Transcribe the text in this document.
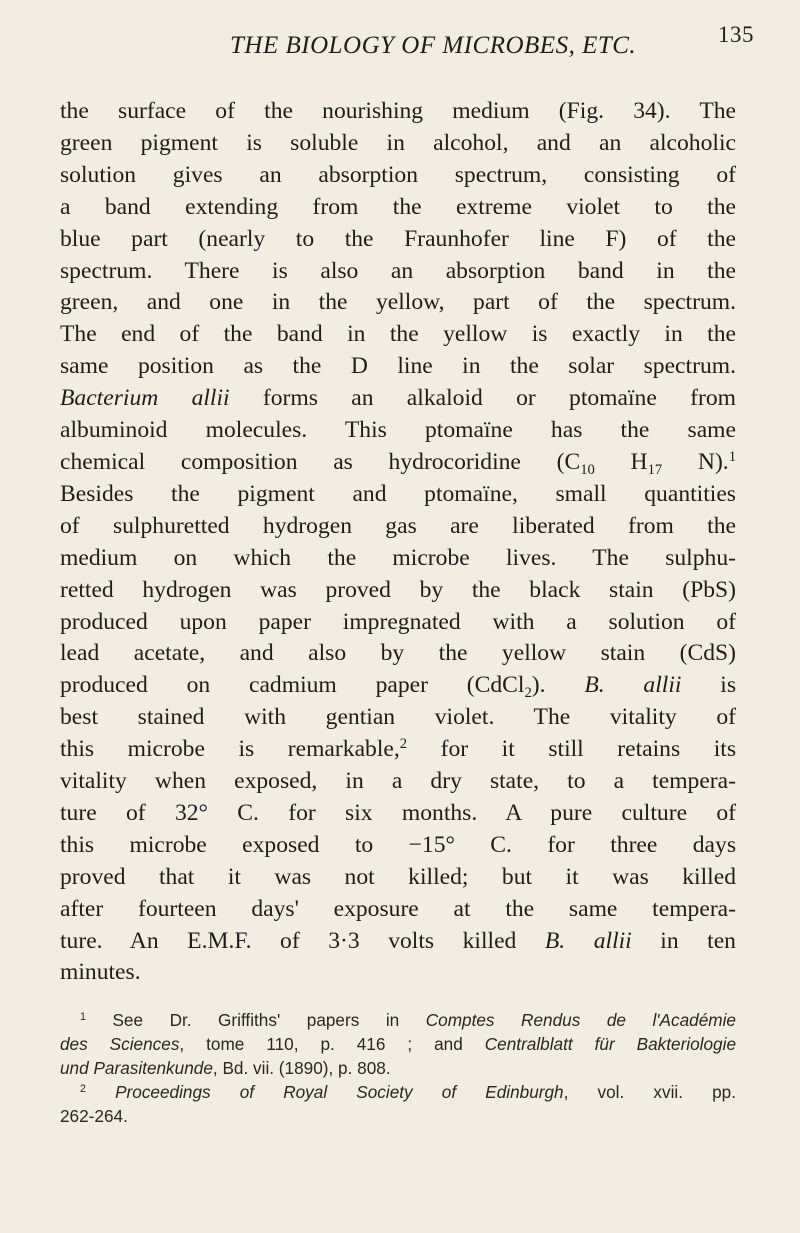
THE BIOLOGY OF MICROBES, ETC.	135
the surface of the nourishing medium (Fig. 34). The
green pigment is soluble in alcohol, and an alcoholic
solution gives an absorption spectrum, consisting of
a band extending from the extreme violet to the
blue part (nearly to the Fraunhofer line F) of the
spectrum. There is also an absorption band in the
green, and one in the yellow, part of the spectrum.
The end of the band in the yellow is exactly in the
same position as the D line in the solar spectrum.
Bacterium allii forms an alkaloid or ptomaïne from
albuminoid molecules. This ptomaïne has the same
chemical composition as hydrocoridine ($C_{10}$ $H_{17}$ N).$^1$
Besides the pigment and ptomaïne, small quantities
of sulphuretted hydrogen gas are liberated from the
medium on which the microbe lives. The sulphu-
retted hydrogen was proved by the black stain (PbS)
produced upon paper impregnated with a solution of
lead acetate, and also by the yellow stain (CdS)
produced on cadmium paper (CdCl$_2$). B. allii is
best stained with gentian violet. The vitality of
this microbe is remarkable,$^2$ for it still retains its
vitality when exposed, in a dry state, to a tempera-
ture of 32° C. for six months. A pure culture of
this microbe exposed to −15° C. for three days
proved that it was not killed; but it was killed
after fourteen days' exposure at the same tempera-
ture. An E.M.F. of 3·3 volts killed B. allii in ten
minutes.
$^1$ See Dr. Griffiths' papers in Comptes Rendus de l'Académie
des Sciences, tome 110, p. 416 ; and Centralblatt für Bakteriologie
und Parasitenkunde, Bd. vii. (1890), p. 808.
$^2$ Proceedings of Royal Society of Edinburgh, vol. xvii. pp.
262-264.
